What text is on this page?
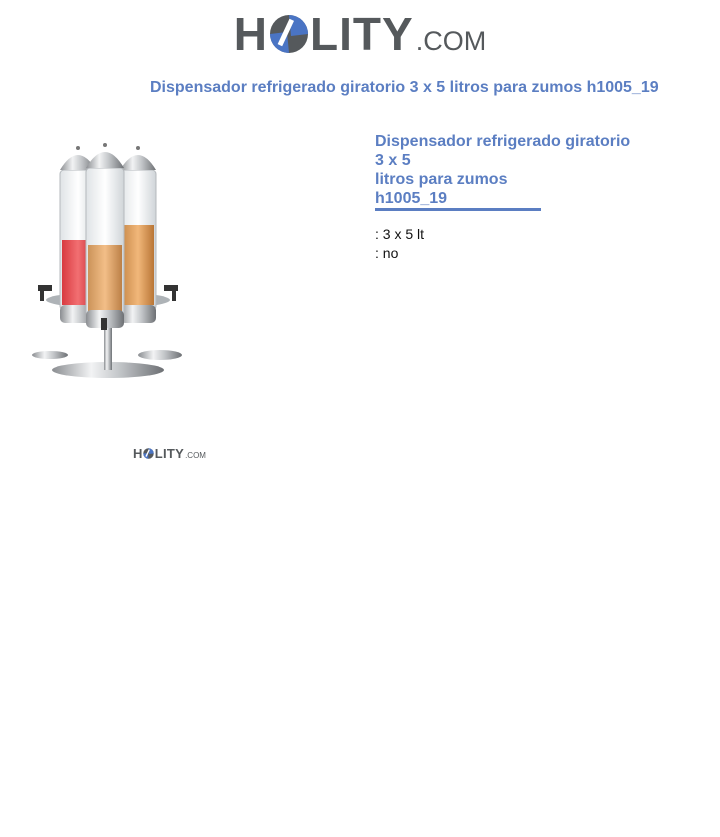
H LITY .COM
Dispensador refrigerado giratorio 3 x 5 litros para zumos h1005_19
H LITY .COM
Dispensador refrigerado giratorio
3 x 5
litros para zumos
h1005_19
: 3 x 5 lt
: no
